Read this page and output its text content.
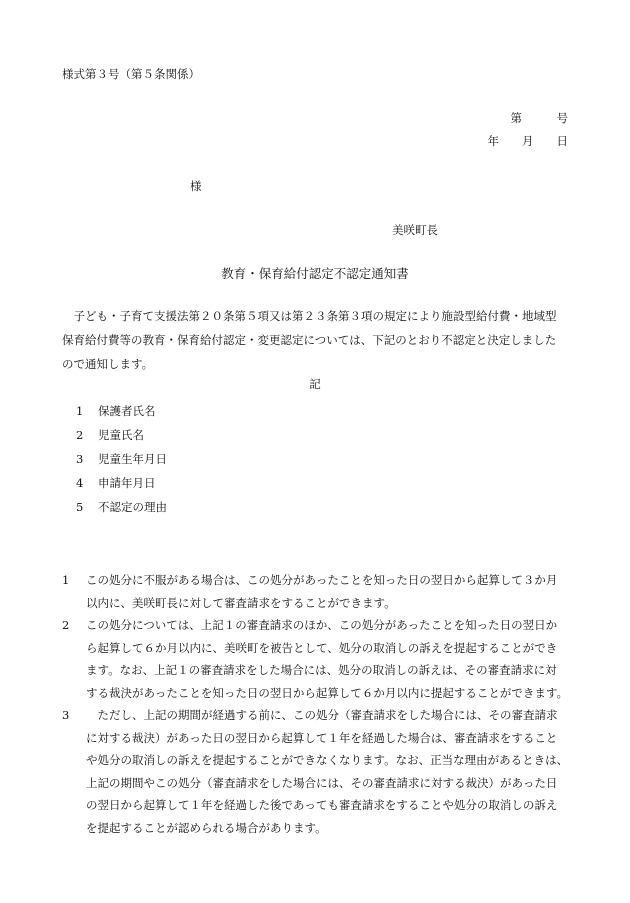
様式第３号（第５条関係）
第　　　号
年　　月　　日
様
美咲町長
教育・保育給付認定不認定通知書

　子ども・子育て支援法第２０条第５項又は第２３条第３項の規定により施設型給付費・地域型

保育給付費等の教育・保育給付認定・変更認定については、下記のとおり不認定と決定しました

ので通知します。

記
1	保護者氏名
2	児童氏名
3	児童生年月日
4	申請年月日
5	不認定の理由
1	この処分に不服がある場合は、この処分があったことを知った日の翌日から起算して３か月

以内に、美咲町長に対して審査請求をすることができます。

2	この処分については、上記１の審査請求のほか、この処分があったことを知った日の翌日か

ら起算して６か月以内に、美咲町を被告として、処分の取消しの訴えを提起することができ

ます。なお、上記１の審査請求をした場合には、処分の取消しの訴えは、その審査請求に対

する裁決があったことを知った日の翌日から起算して６か月以内に提起することができます。

3	　ただし、上記の期間が経過する前に、この処分（審査請求をした場合には、その審査請求

に対する裁決）があった日の翌日から起算して１年を経過した場合は、審査請求をすること

や処分の取消しの訴えを提起することができなくなります。なお、正当な理由があるときは、

上記の期間やこの処分（審査請求をした場合には、その審査請求に対する裁決）があった日

の翌日から起算して１年を経過した後であっても審査請求をすることや処分の取消しの訴え

を提起することが認められる場合があります。
